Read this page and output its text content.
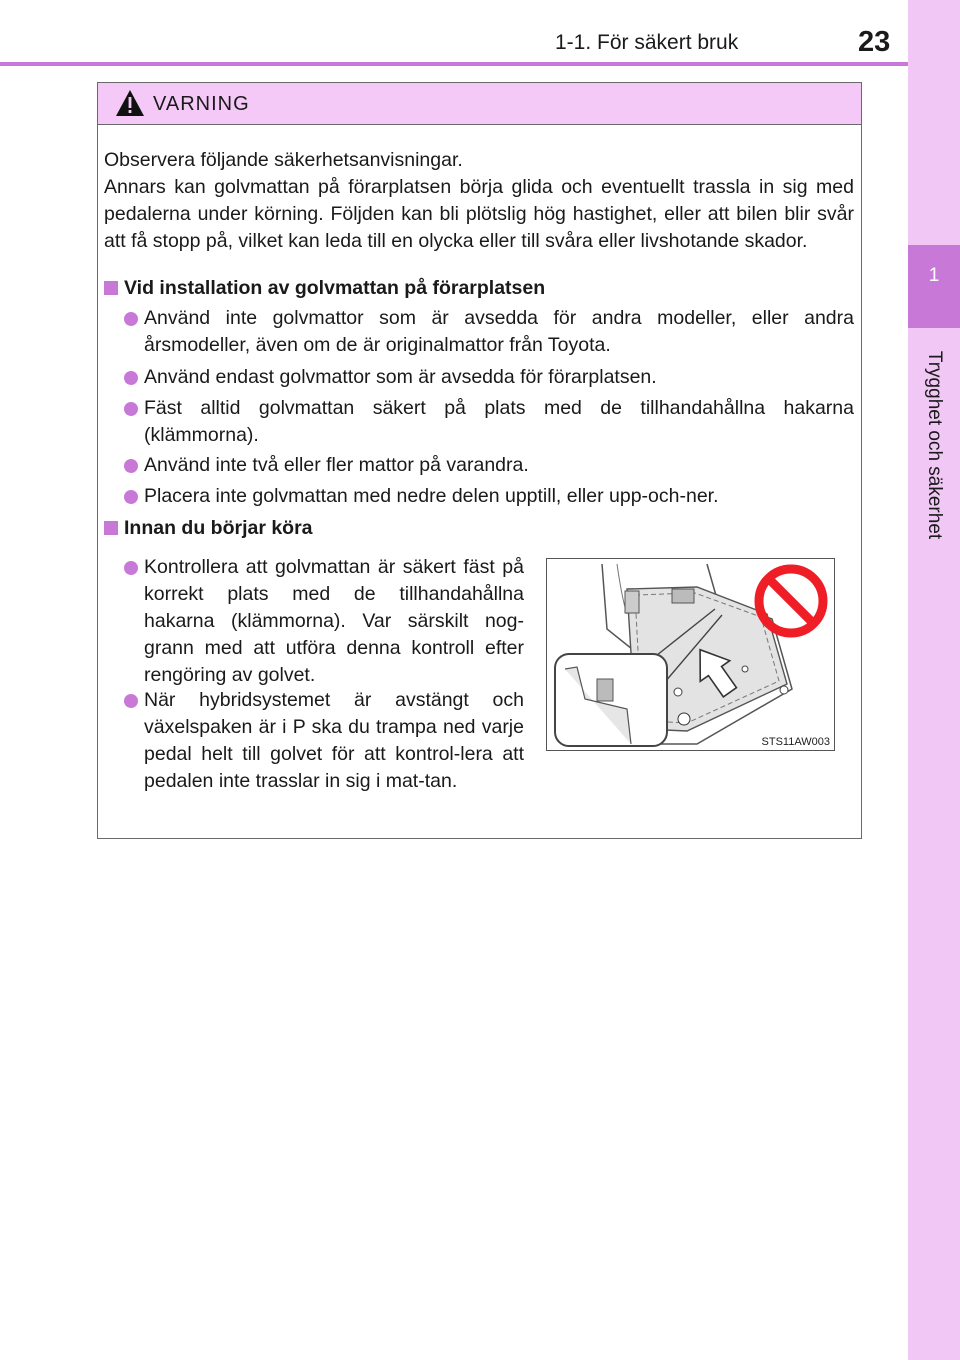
1-1. För säkert bruk	23
1
Trygghet och säkerhet
VARNING
Observera följande säkerhetsanvisningar.
Annars kan golvmattan på förarplatsen börja glida och eventuellt trassla in sig med pedalerna under körning. Följden kan bli plötslig hög hastighet, eller att bilen blir svår att få stopp på, vilket kan leda till en olycka eller till svåra eller livshotande skador.
Vid installation av golvmattan på förarplatsen
Använd inte golvmattor som är avsedda för andra modeller, eller andra årsmodeller, även om de är originalmattor från Toyota.
Använd endast golvmattor som är avsedda för förarplatsen.
Fäst alltid golvmattan säkert på plats med de tillhandahållna hakarna (klämmorna).
Använd inte två eller fler mattor på varandra.
Placera inte golvmattan med nedre delen upptill, eller upp-och-ner.
Innan du börjar köra
Kontrollera att golvmattan är säkert fäst på korrekt plats med de tillhandahållna hakarna (klämmorna). Var särskilt nog-grann med att utföra denna kontroll efter rengöring av golvet.
När hybridsystemet är avstängt och växelspaken är i P ska du trampa ned varje pedal helt till golvet för att kontrol-lera att pedalen inte trasslar in sig i mat-tan.
STS11AW003
